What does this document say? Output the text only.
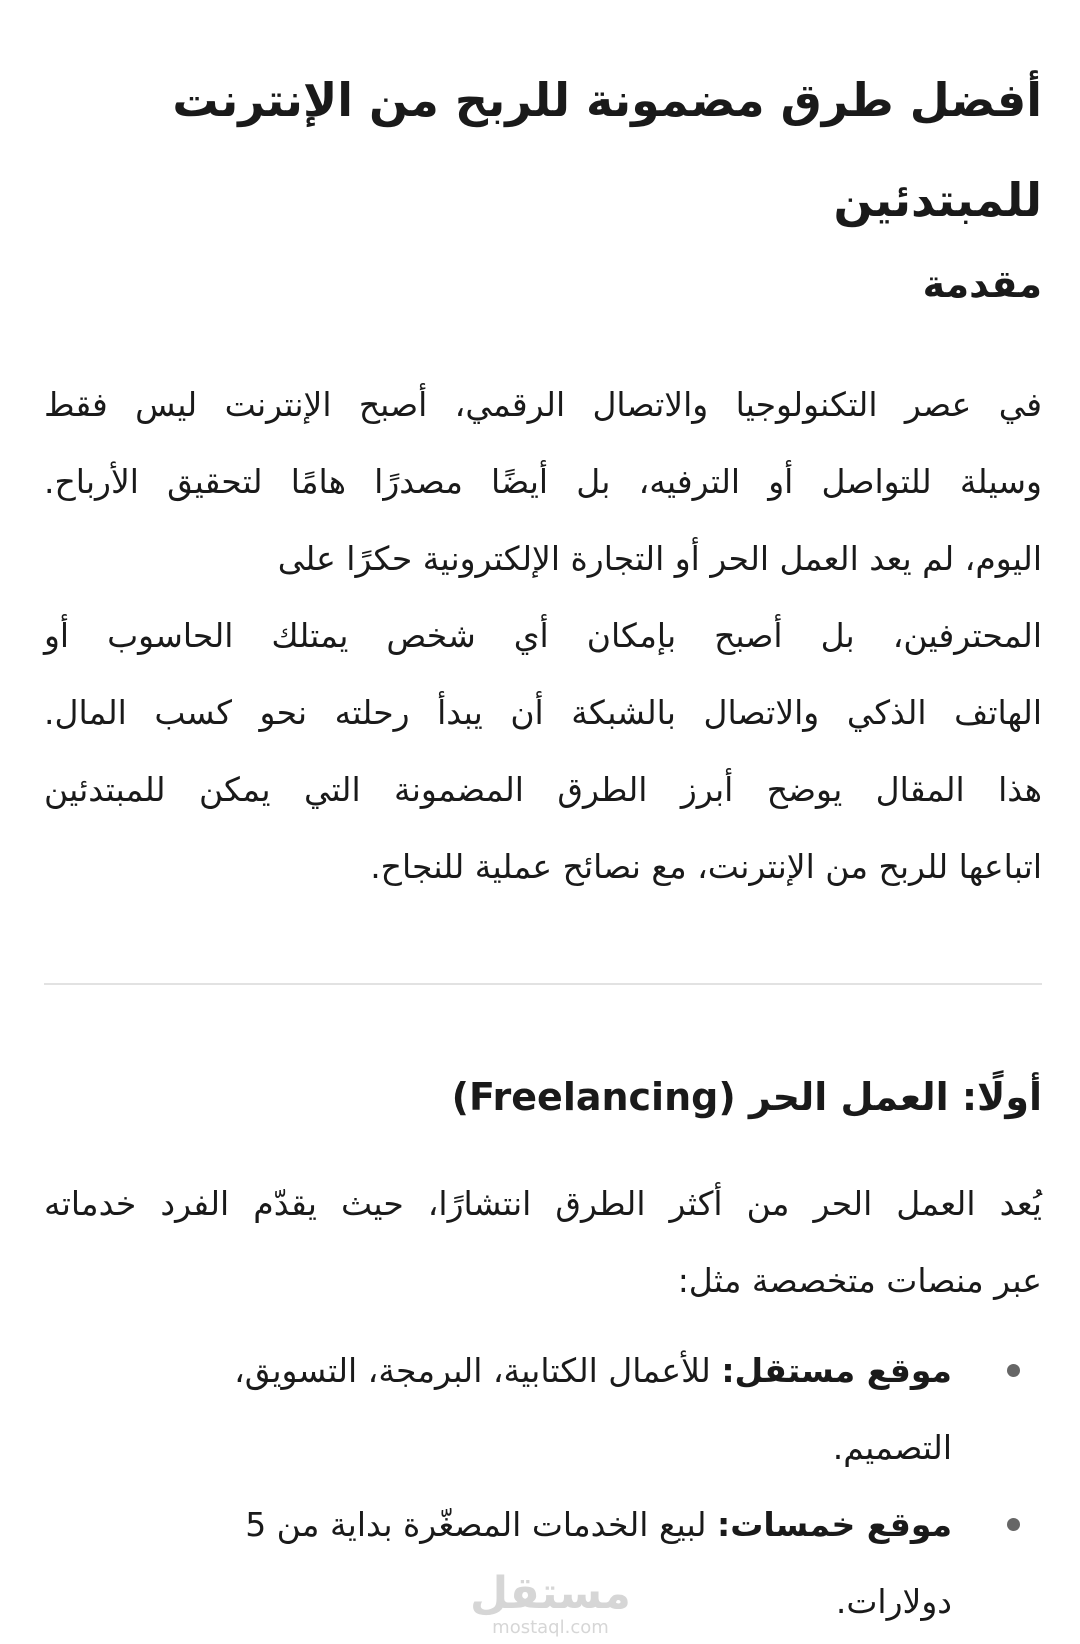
أفضل طرق مضمونة للربح من الإنترنت
للمبتدئين
مقدمة
في عصر التكنولوجيا والاتصال الرقمي، أصبح الإنترنت ليس فقط
وسيلة للتواصل أو الترفيه، بل أيضًا مصدرًا هامًا لتحقيق الأرباح.
اليوم، لم يعد العمل الحر أو التجارة الإلكترونية حكرًا على
المحترفين، بل أصبح بإمكان أي شخص يمتلك الحاسوب أو
الهاتف الذكي والاتصال بالشبكة أن يبدأ رحلته نحو كسب المال.
هذا المقال يوضح أبرز الطرق المضمونة التي يمكن للمبتدئين
اتباعها للربح من الإنترنت، مع نصائح عملية للنجاح.
أولًا: العمل الحر (Freelancing)
يُعد العمل الحر من أكثر الطرق انتشارًا، حيث يقدّم الفرد خدماته
عبر منصات متخصصة مثل:
موقع مستقل: للأعمال الكتابية، البرمجة، التسويق،
التصميم.
موقع خمسات: لبيع الخدمات المصغّرة بداية من 5
دولارات.
مستقل
mostaql.com
